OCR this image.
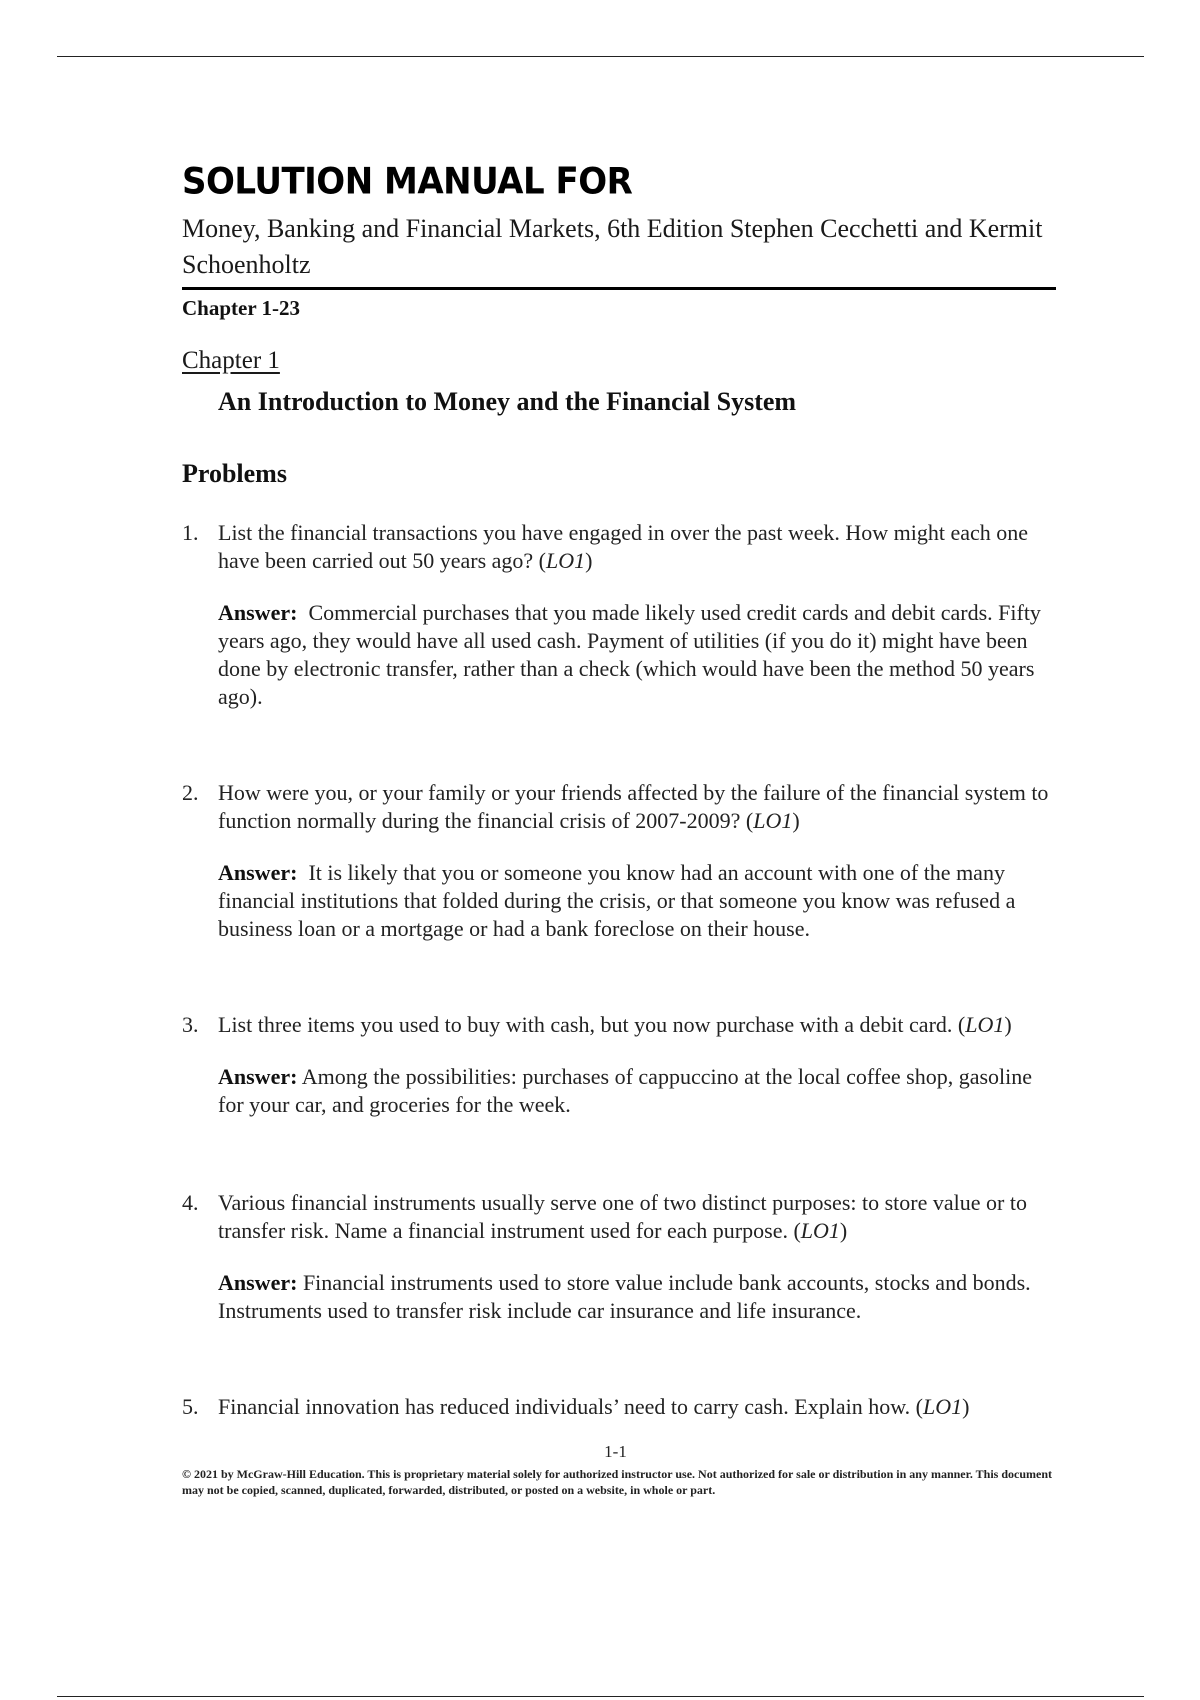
SOLUTION MANUAL FOR
Money, Banking and Financial Markets, 6th Edition Stephen Cecchetti and Kermit Schoenholtz
Chapter 1-23
Chapter 1
An Introduction to Money and the Financial System
Problems
1. List the financial transactions you have engaged in over the past week. How might each one have been carried out 50 years ago? (LO1)
Answer: Commercial purchases that you made likely used credit cards and debit cards. Fifty years ago, they would have all used cash. Payment of utilities (if you do it) might have been done by electronic transfer, rather than a check (which would have been the method 50 years ago).
2. How were you, or your family or your friends affected by the failure of the financial system to function normally during the financial crisis of 2007-2009? (LO1)
Answer: It is likely that you or someone you know had an account with one of the many financial institutions that folded during the crisis, or that someone you know was refused a business loan or a mortgage or had a bank foreclose on their house.
3. List three items you used to buy with cash, but you now purchase with a debit card. (LO1)
Answer: Among the possibilities: purchases of cappuccino at the local coffee shop, gasoline for your car, and groceries for the week.
4. Various financial instruments usually serve one of two distinct purposes: to store value or to transfer risk. Name a financial instrument used for each purpose. (LO1)
Answer: Financial instruments used to store value include bank accounts, stocks and bonds. Instruments used to transfer risk include car insurance and life insurance.
5. Financial innovation has reduced individuals’ need to carry cash. Explain how. (LO1)
1-1
© 2021 by McGraw-Hill Education. This is proprietary material solely for authorized instructor use. Not authorized for sale or distribution in any manner. This document may not be copied, scanned, duplicated, forwarded, distributed, or posted on a website, in whole or part.
